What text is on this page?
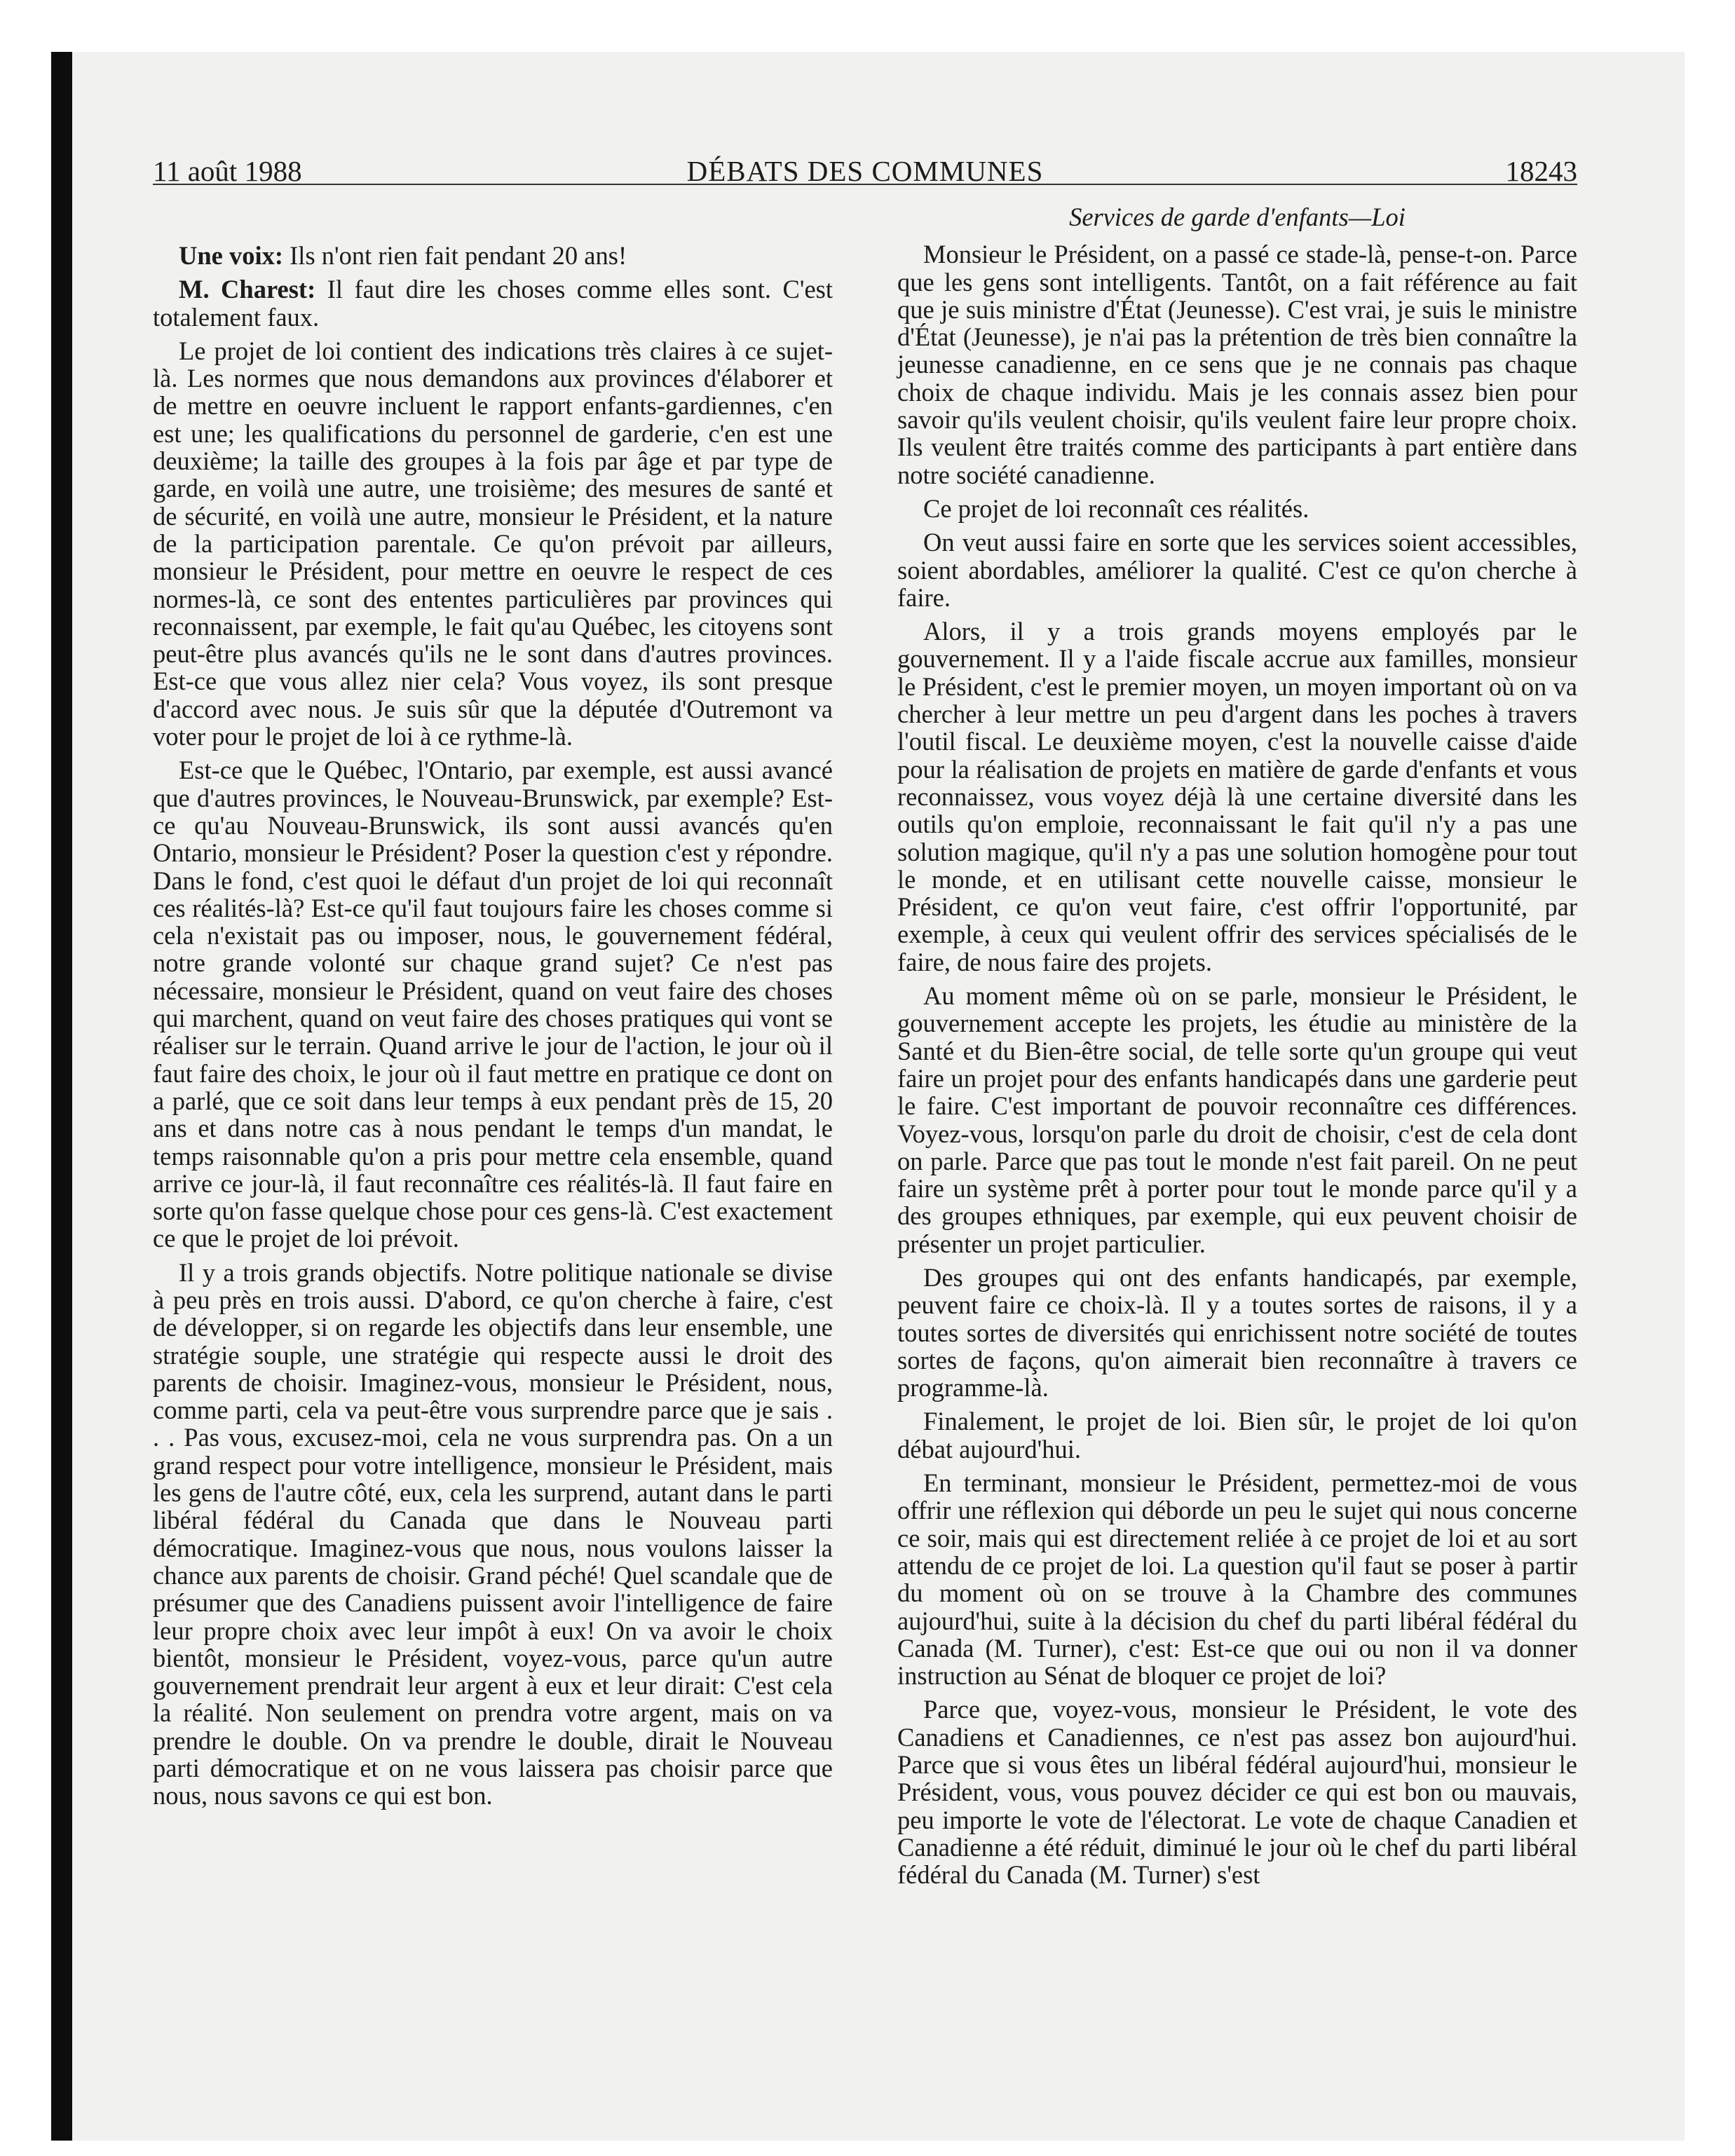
11 août 1988	DÉBATS DES COMMUNES	18243

Une voix: Ils n'ont rien fait pendant 20 ans!

M. Charest: Il faut dire les choses comme elles sont. C'est totalement faux.

Le projet de loi contient des indications très claires à ce sujet-là. Les normes que nous demandons aux provinces d'élaborer et de mettre en oeuvre incluent le rapport enfants-gardiennes, c'en est une; les qualifications du personnel de garderie, c'en est une deuxième; la taille des groupes à la fois par âge et par type de garde, en voilà une autre, une troisième; des mesures de santé et de sécurité, en voilà une autre, monsieur le Président, et la nature de la participation parentale. Ce qu'on prévoit par ailleurs, monsieur le Président, pour mettre en oeuvre le respect de ces normes-là, ce sont des ententes particulières par provinces qui reconnaissent, par exemple, le fait qu'au Québec, les citoyens sont peut-être plus avancés qu'ils ne le sont dans d'autres provinces. Est-ce que vous allez nier cela? Vous voyez, ils sont presque d'accord avec nous. Je suis sûr que la députée d'Outremont va voter pour le projet de loi à ce rythme-là.

Est-ce que le Québec, l'Ontario, par exemple, est aussi avancé que d'autres provinces, le Nouveau-Brunswick, par exemple? Est-ce qu'au Nouveau-Brunswick, ils sont aussi avancés qu'en Ontario, monsieur le Président? Poser la question c'est y répondre. Dans le fond, c'est quoi le défaut d'un projet de loi qui reconnaît ces réalités-là? Est-ce qu'il faut toujours faire les choses comme si cela n'existait pas ou imposer, nous, le gouvernement fédéral, notre grande volonté sur chaque grand sujet? Ce n'est pas nécessaire, monsieur le Président, quand on veut faire des choses qui marchent, quand on veut faire des choses pratiques qui vont se réaliser sur le terrain. Quand arrive le jour de l'action, le jour où il faut faire des choix, le jour où il faut mettre en pratique ce dont on a parlé, que ce soit dans leur temps à eux pendant près de 15, 20 ans et dans notre cas à nous pendant le temps d'un mandat, le temps raisonnable qu'on a pris pour mettre cela ensemble, quand arrive ce jour-là, il faut reconnaître ces réalités-là. Il faut faire en sorte qu'on fasse quelque chose pour ces gens-là. C'est exactement ce que le projet de loi prévoit.

Il y a trois grands objectifs. Notre politique nationale se divise à peu près en trois aussi. D'abord, ce qu'on cherche à faire, c'est de développer, si on regarde les objectifs dans leur ensemble, une stratégie souple, une stratégie qui respecte aussi le droit des parents de choisir. Imaginez-vous, monsieur le Président, nous, comme parti, cela va peut-être vous surprendre parce que je sais . . . Pas vous, excusez-moi, cela ne vous surprendra pas. On a un grand respect pour votre intelligence, monsieur le Président, mais les gens de l'autre côté, eux, cela les surprend, autant dans le parti libéral fédéral du Canada que dans le Nouveau parti démocratique. Imaginez-vous que nous, nous voulons laisser la chance aux parents de choisir. Grand péché! Quel scandale que de présumer que des Canadiens puissent avoir l'intelligence de faire leur propre choix avec leur impôt à eux! On va avoir le choix bientôt, monsieur le Président, voyez-vous, parce qu'un autre gouvernement prendrait leur argent à eux et leur dirait: C'est cela la réalité. Non seulement on prendra votre argent, mais on va prendre le double. On va prendre le double, dirait le Nouveau parti démocratique et on ne vous laissera pas choisir parce que nous, nous savons ce qui est bon.

Services de garde d'enfants—Loi

Monsieur le Président, on a passé ce stade-là, pense-t-on. Parce que les gens sont intelligents. Tantôt, on a fait référence au fait que je suis ministre d'État (Jeunesse). C'est vrai, je suis le ministre d'État (Jeunesse), je n'ai pas la prétention de très bien connaître la jeunesse canadienne, en ce sens que je ne connais pas chaque choix de chaque individu. Mais je les connais assez bien pour savoir qu'ils veulent choisir, qu'ils veulent faire leur propre choix. Ils veulent être traités comme des participants à part entière dans notre société canadienne.

Ce projet de loi reconnaît ces réalités.

On veut aussi faire en sorte que les services soient accessibles, soient abordables, améliorer la qualité. C'est ce qu'on cherche à faire.

Alors, il y a trois grands moyens employés par le gouvernement. Il y a l'aide fiscale accrue aux familles, monsieur le Président, c'est le premier moyen, un moyen important où on va chercher à leur mettre un peu d'argent dans les poches à travers l'outil fiscal. Le deuxième moyen, c'est la nouvelle caisse d'aide pour la réalisation de projets en matière de garde d'enfants et vous reconnaissez, vous voyez déjà là une certaine diversité dans les outils qu'on emploie, reconnaissant le fait qu'il n'y a pas une solution magique, qu'il n'y a pas une solution homogène pour tout le monde, et en utilisant cette nouvelle caisse, monsieur le Président, ce qu'on veut faire, c'est offrir l'opportunité, par exemple, à ceux qui veulent offrir des services spécialisés de le faire, de nous faire des projets.

Au moment même où on se parle, monsieur le Président, le gouvernement accepte les projets, les étudie au ministère de la Santé et du Bien-être social, de telle sorte qu'un groupe qui veut faire un projet pour des enfants handicapés dans une garderie peut le faire. C'est important de pouvoir reconnaître ces différences. Voyez-vous, lorsqu'on parle du droit de choisir, c'est de cela dont on parle. Parce que pas tout le monde n'est fait pareil. On ne peut faire un système prêt à porter pour tout le monde parce qu'il y a des groupes ethniques, par exemple, qui eux peuvent choisir de présenter un projet particulier.

Des groupes qui ont des enfants handicapés, par exemple, peuvent faire ce choix-là. Il y a toutes sortes de raisons, il y a toutes sortes de diversités qui enrichissent notre société de toutes sortes de façons, qu'on aimerait bien reconnaître à travers ce programme-là.

Finalement, le projet de loi. Bien sûr, le projet de loi qu'on débat aujourd'hui.

En terminant, monsieur le Président, permettez-moi de vous offrir une réflexion qui déborde un peu le sujet qui nous concerne ce soir, mais qui est directement reliée à ce projet de loi et au sort attendu de ce projet de loi. La question qu'il faut se poser à partir du moment où on se trouve à la Chambre des communes aujourd'hui, suite à la décision du chef du parti libéral fédéral du Canada (M. Turner), c'est: Est-ce que oui ou non il va donner instruction au Sénat de bloquer ce projet de loi?

Parce que, voyez-vous, monsieur le Président, le vote des Canadiens et Canadiennes, ce n'est pas assez bon aujourd'hui. Parce que si vous êtes un libéral fédéral aujourd'hui, monsieur le Président, vous, vous pouvez décider ce qui est bon ou mauvais, peu importe le vote de l'électorat. Le vote de chaque Canadien et Canadienne a été réduit, diminué le jour où le chef du parti libéral fédéral du Canada (M. Turner) s'est
